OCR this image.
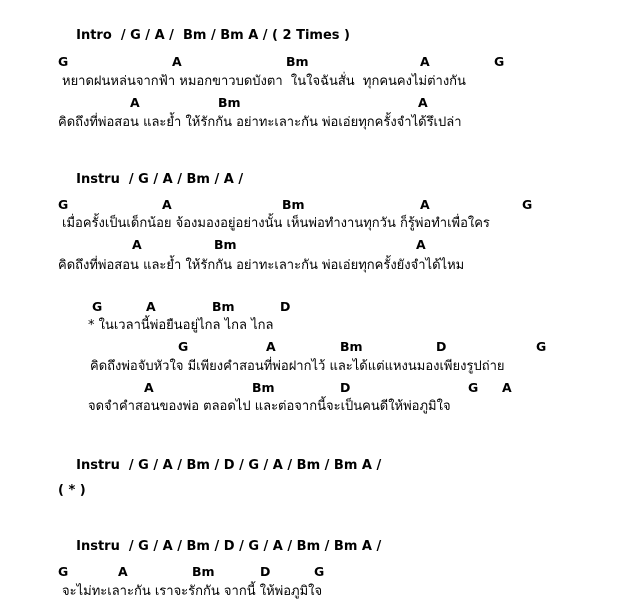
Intro / G / A /  Bm / Bm A / ( 2 Times )

G	A	Bm	A	G
หยาดฝนหล่นจากฟ้า หมอกขาวบดบังตา  ในใจฉันสั่น  ทุกคนคงไม่ต่างกัน
A	Bm	A
คิดถึงที่พ่อสอน และย้ำ ให้รักกัน อย่าทะเลาะกัน พ่อเอ่ยทุกครั้งจำได้รึเปล่า

Instru / G / A / Bm / A /

G	A	Bm	A	G
เมื่อครั้งเป็นเด็กน้อย จ้องมองอยู่อย่างนั้น เห็นพ่อทำงานทุกวัน ก็รู้พ่อทำเพื่อใคร
A	Bm	A
คิดถึงที่พ่อสอน และย้ำ ให้รักกัน อย่าทะเลาะกัน พ่อเอ่ยทุกครั้งยังจำได้ไหม
G	A	Bm	D
* ในเวลานี้พ่อยืนอยู่ไกล ไกล ไกล
G	A	Bm	D	G
คิดถึงพ่อจับหัวใจ มีเพียงคำสอนที่พ่อฝากไว้ และได้แต่แหงนมองเพียงรูปถ่าย
A	Bm	D	G A
จดจำคำสอนของพ่อ ตลอดไป และต่อจากนี้จะเป็นคนดีให้พ่อภูมิใจ

Instru / G / A / Bm / D / G / A / Bm / Bm A /

( * )

Instru / G / A / Bm / D / G / A / Bm / Bm A /

G	A	Bm	D	G
จะไม่ทะเลาะกัน เราจะรักกัน จากนี้ ให้พ่อภูมิใจ
